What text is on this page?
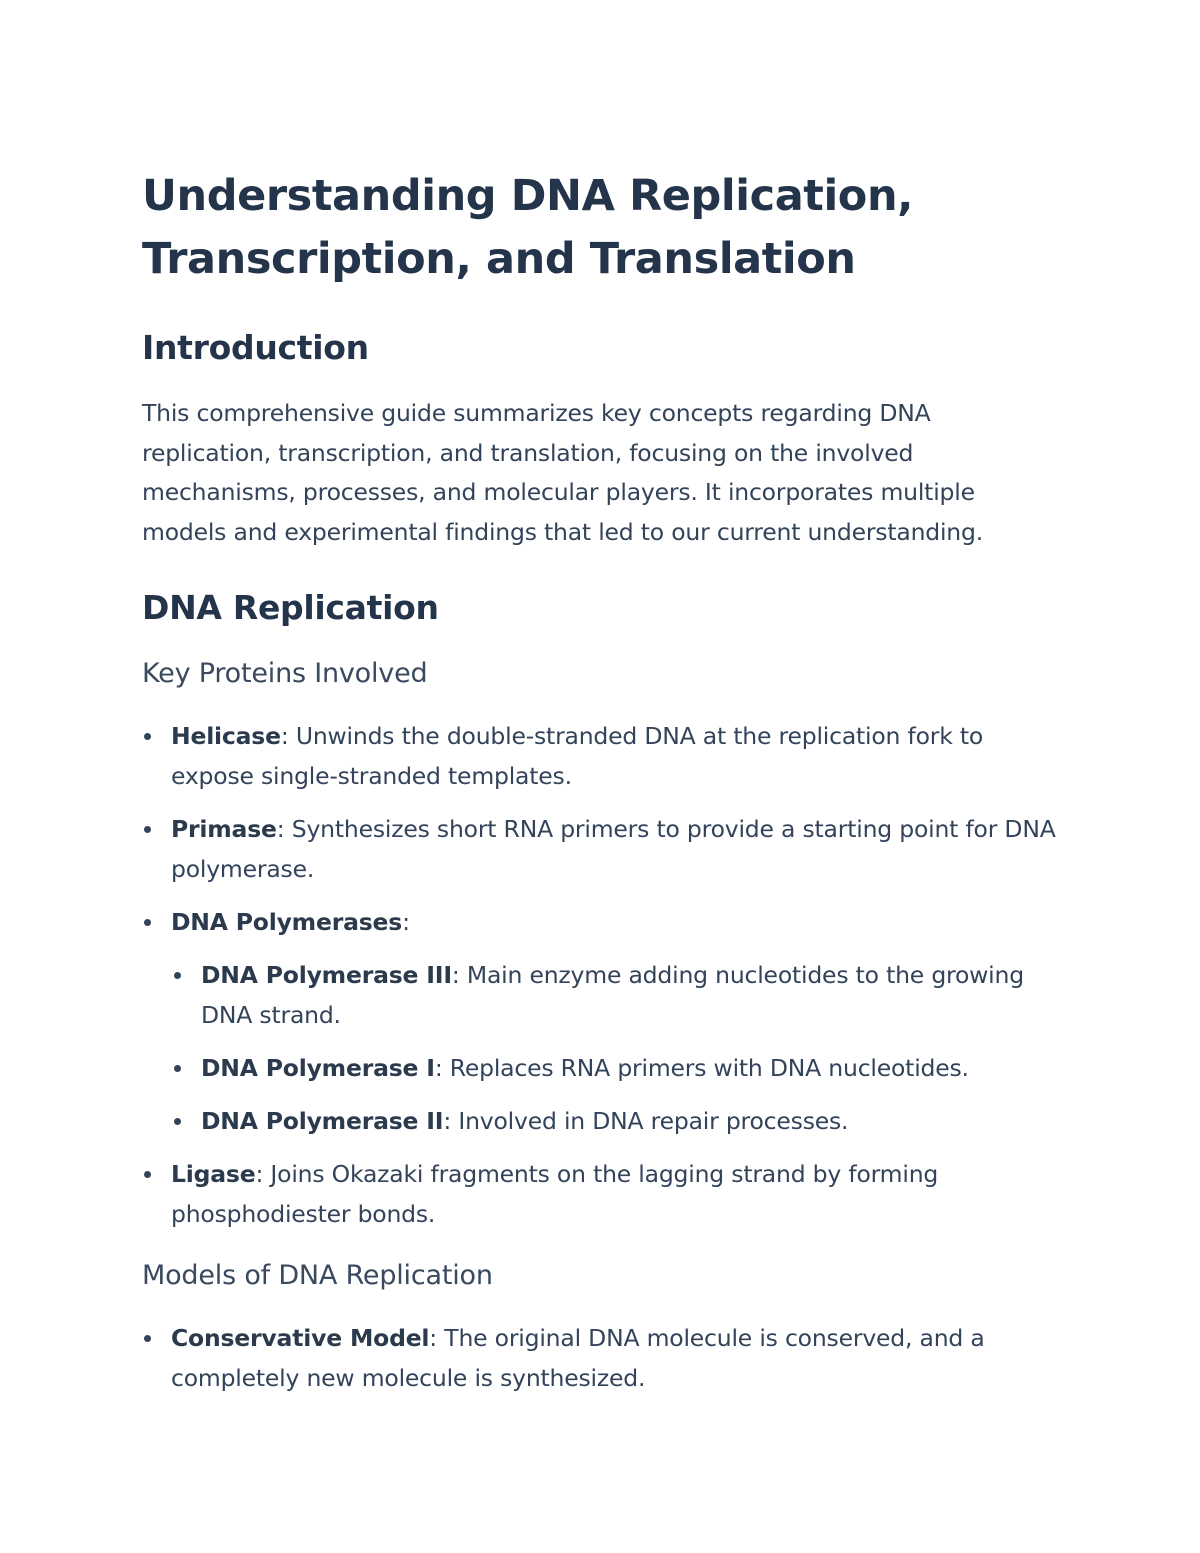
Understanding DNA Replication,
Transcription, and Translation
Introduction

This comprehensive guide summarizes key concepts regarding DNA replication, transcription, and translation, focusing on the involved mechanisms, processes, and molecular players. It incorporates multiple models and experimental findings that led to our current understanding.

DNA Replication
Key Proteins Involved
Helicase: Unwinds the double-stranded DNA at the replication fork to expose single-stranded templates.
Primase: Synthesizes short RNA primers to provide a starting point for DNA polymerase.
DNA Polymerases:
DNA Polymerase III: Main enzyme adding nucleotides to the growing DNA strand.
DNA Polymerase I: Replaces RNA primers with DNA nucleotides.
DNA Polymerase II: Involved in DNA repair processes.
Ligase: Joins Okazaki fragments on the lagging strand by forming phosphodiester bonds.
Models of DNA Replication
Conservative Model: The original DNA molecule is conserved, and a completely new molecule is synthesized.
